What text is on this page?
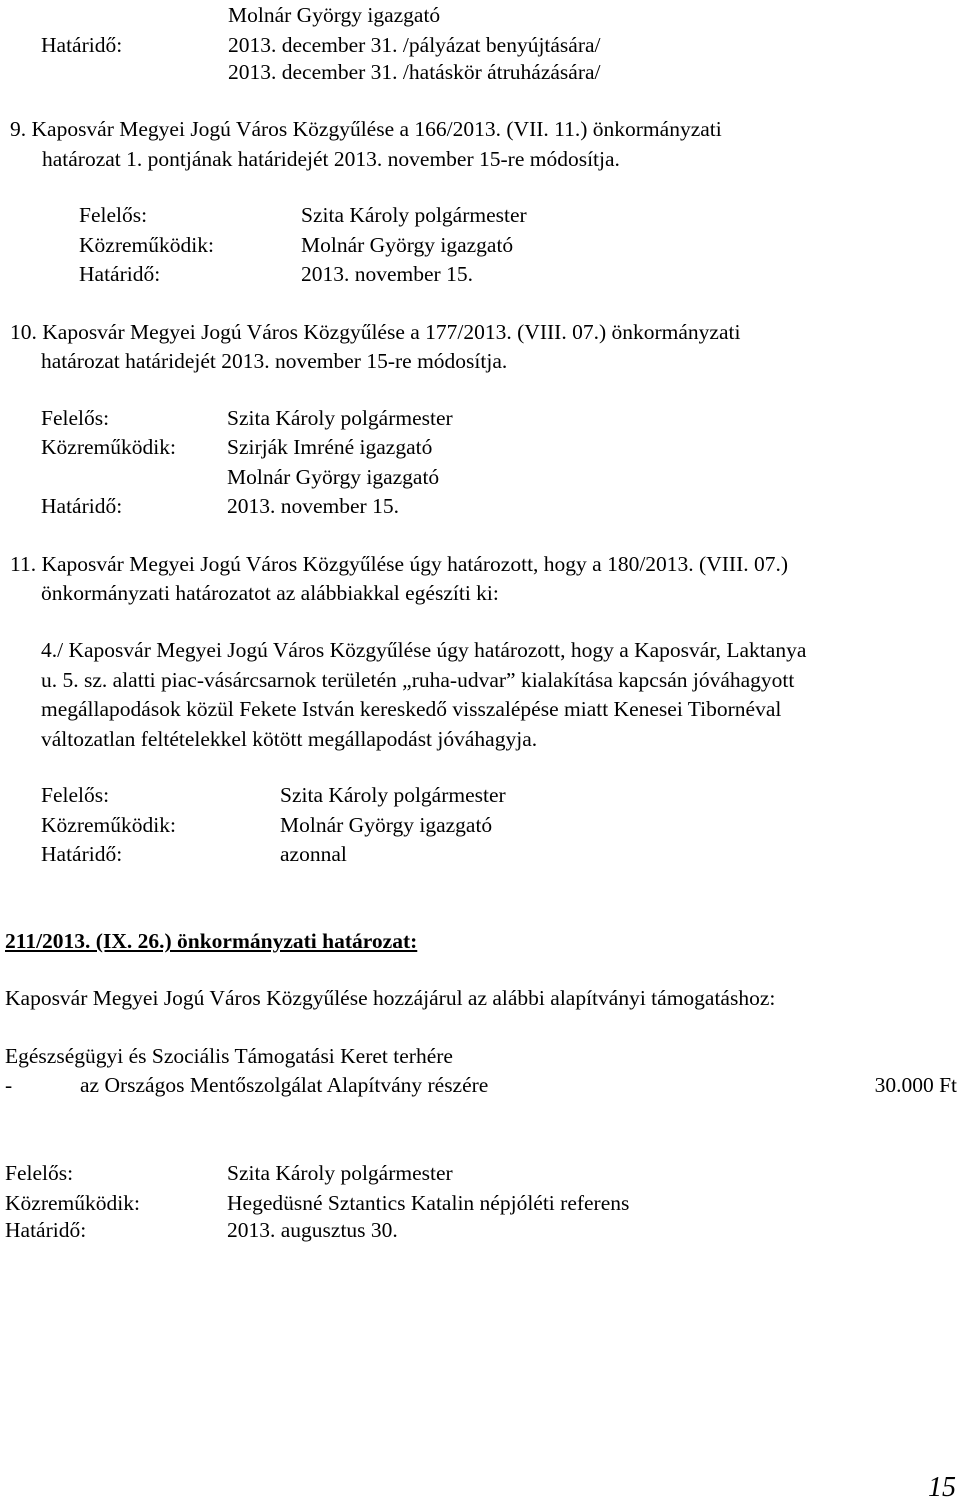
Molnár György igazgató
Határidő:	2013. december 31. /pályázat benyújtására/
2013. december 31. /hatáskör átruházására/
9. Kaposvár Megyei Jogú Város Közgyűlése a 166/2013. (VII. 11.) önkormányzati
határozat 1. pontjának határidejét 2013. november 15-re módosítja.
Felelős:	Szita Károly polgármester
Közreműködik:	Molnár György igazgató
Határidő:	2013. november 15.
10. Kaposvár Megyei Jogú Város Közgyűlése a 177/2013. (VIII. 07.) önkormányzati
határozat határidejét 2013. november 15-re módosítja.
Felelős:	Szita Károly polgármester
Közreműködik: Szirják Imréné igazgató
Molnár György igazgató
Határidő:	2013. november 15.
11. Kaposvár Megyei Jogú Város Közgyűlése úgy határozott, hogy a 180/2013. (VIII. 07.)
önkormányzati határozatot az alábbiakkal egészíti ki:
4./ Kaposvár Megyei Jogú Város Közgyűlése úgy határozott, hogy a Kaposvár, Laktanya
u. 5. sz. alatti piac-vásárcsarnok területén „ruha-udvar” kialakítása kapcsán jóváhagyott
megállapodások közül Fekete István kereskedő visszalépése miatt Kenesei Tibornéval
változatlan feltételekkel kötött megállapodást jóváhagyja.
Felelős:	Szita Károly polgármester
Közreműködik:	Molnár György igazgató
Határidő:	azonnal
211/2013. (IX. 26.) önkormányzati határozat:
Kaposvár Megyei Jogú Város Közgyűlése hozzájárul az alábbi alapítványi támogatáshoz:
Egészségügyi és Szociális Támogatási Keret terhére
-	az Országos Mentőszolgálat Alapítvány részére	30.000 Ft
Felelős:	Szita Károly polgármester
Közreműködik:	Hegedüsné Sztantics Katalin népjóléti referens
Határidő:	2013. augusztus 30.
15
